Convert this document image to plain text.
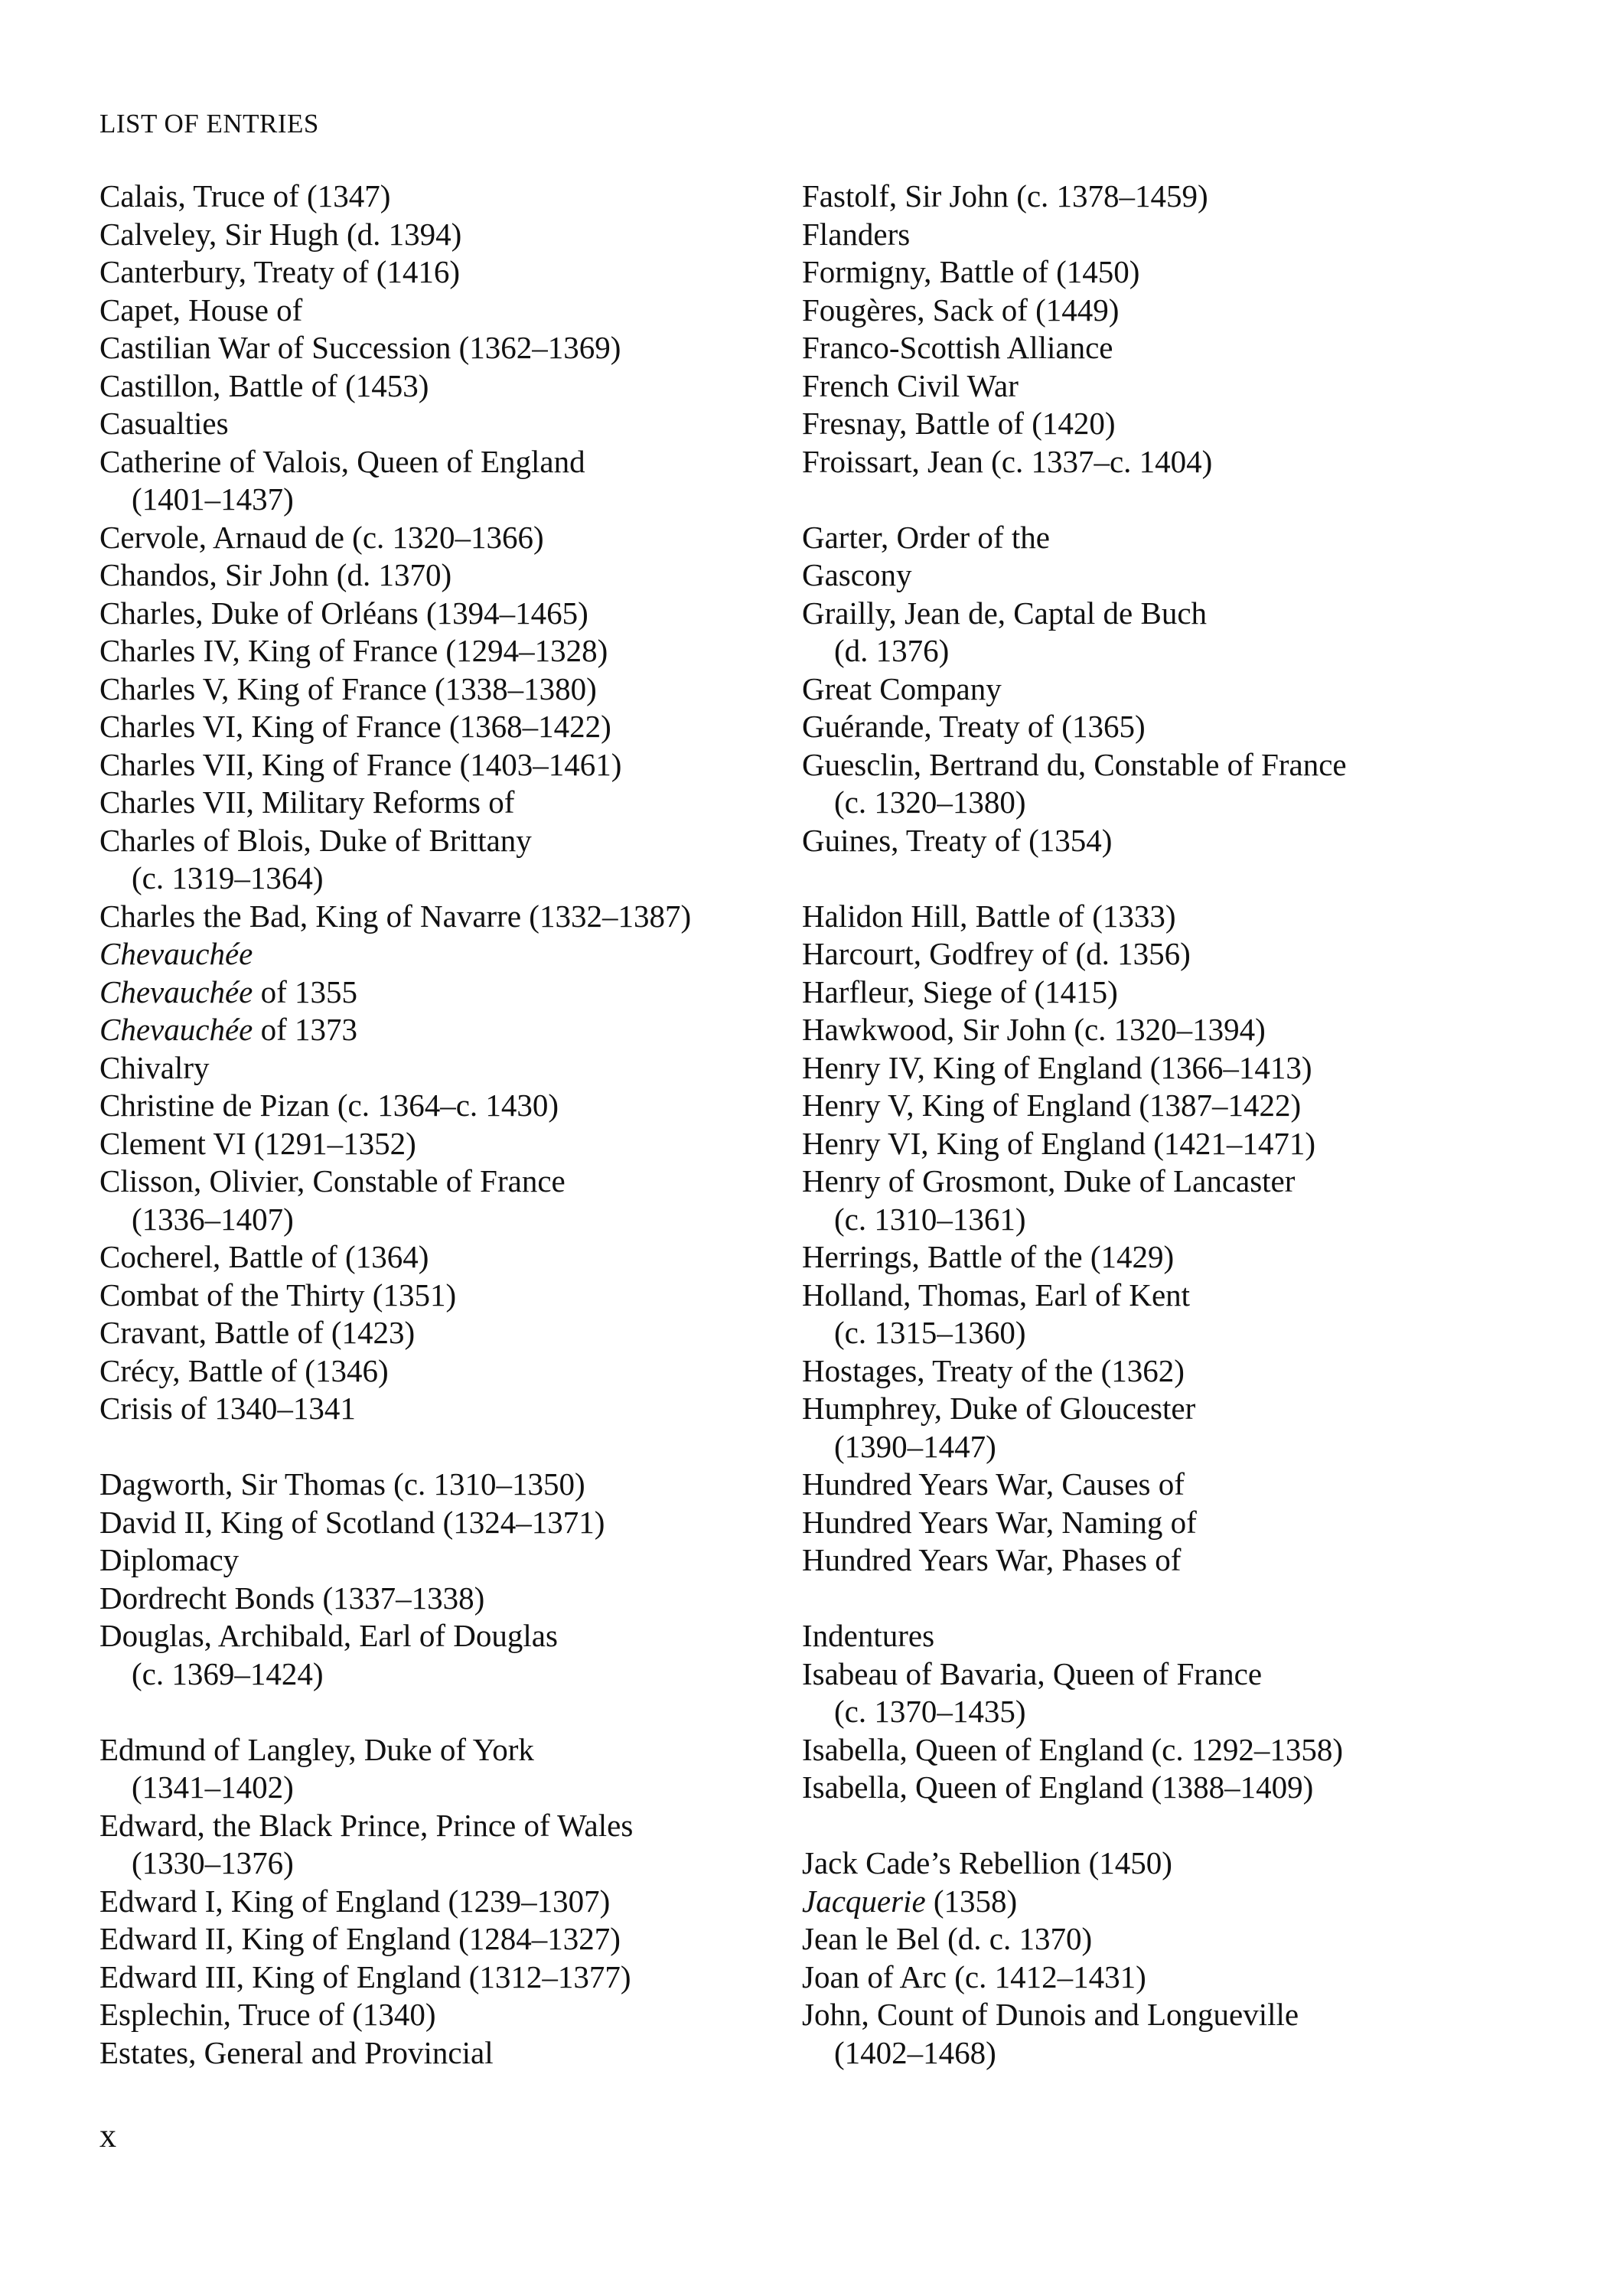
LIST OF ENTRIES
Calais, Truce of (1347)
Calveley, Sir Hugh (d. 1394)
Canterbury, Treaty of (1416)
Capet, House of
Castilian War of Succession (1362–1369)
Castillon, Battle of (1453)
Casualties
Catherine of Valois, Queen of England
(1401–1437)
Cervole, Arnaud de (c. 1320–1366)
Chandos, Sir John (d. 1370)
Charles, Duke of Orléans (1394–1465)
Charles IV, King of France (1294–1328)
Charles V, King of France (1338–1380)
Charles VI, King of France (1368–1422)
Charles VII, King of France (1403–1461)
Charles VII, Military Reforms of
Charles of Blois, Duke of Brittany
(c. 1319–1364)
Charles the Bad, King of Navarre (1332–1387)
Chevauchée
Chevauchée of 1355
Chevauchée of 1373
Chivalry
Christine de Pizan (c. 1364–c. 1430)
Clement VI (1291–1352)
Clisson, Olivier, Constable of France
(1336–1407)
Cocherel, Battle of (1364)
Combat of the Thirty (1351)
Cravant, Battle of (1423)
Crécy, Battle of (1346)
Crisis of 1340–1341
Dagworth, Sir Thomas (c. 1310–1350)
David II, King of Scotland (1324–1371)
Diplomacy
Dordrecht Bonds (1337–1338)
Douglas, Archibald, Earl of Douglas
(c. 1369–1424)
Edmund of Langley, Duke of York
(1341–1402)
Edward, the Black Prince, Prince of Wales
(1330–1376)
Edward I, King of England (1239–1307)
Edward II, King of England (1284–1327)
Edward III, King of England (1312–1377)
Esplechin, Truce of (1340)
Estates, General and Provincial
Fastolf, Sir John (c. 1378–1459)
Flanders
Formigny, Battle of (1450)
Fougères, Sack of (1449)
Franco-Scottish Alliance
French Civil War
Fresnay, Battle of (1420)
Froissart, Jean (c. 1337–c. 1404)
Garter, Order of the
Gascony
Grailly, Jean de, Captal de Buch
(d. 1376)
Great Company
Guérande, Treaty of (1365)
Guesclin, Bertrand du, Constable of France
(c. 1320–1380)
Guines, Treaty of (1354)
Halidon Hill, Battle of (1333)
Harcourt, Godfrey of (d. 1356)
Harfleur, Siege of (1415)
Hawkwood, Sir John (c. 1320–1394)
Henry IV, King of England (1366–1413)
Henry V, King of England (1387–1422)
Henry VI, King of England (1421–1471)
Henry of Grosmont, Duke of Lancaster
(c. 1310–1361)
Herrings, Battle of the (1429)
Holland, Thomas, Earl of Kent
(c. 1315–1360)
Hostages, Treaty of the (1362)
Humphrey, Duke of Gloucester
(1390–1447)
Hundred Years War, Causes of
Hundred Years War, Naming of
Hundred Years War, Phases of
Indentures
Isabeau of Bavaria, Queen of France
(c. 1370–1435)
Isabella, Queen of England (c. 1292–1358)
Isabella, Queen of England (1388–1409)
Jack Cade’s Rebellion (1450)
Jacquerie (1358)
Jean le Bel (d. c. 1370)
Joan of Arc (c. 1412–1431)
John, Count of Dunois and Longueville
(1402–1468)
x
